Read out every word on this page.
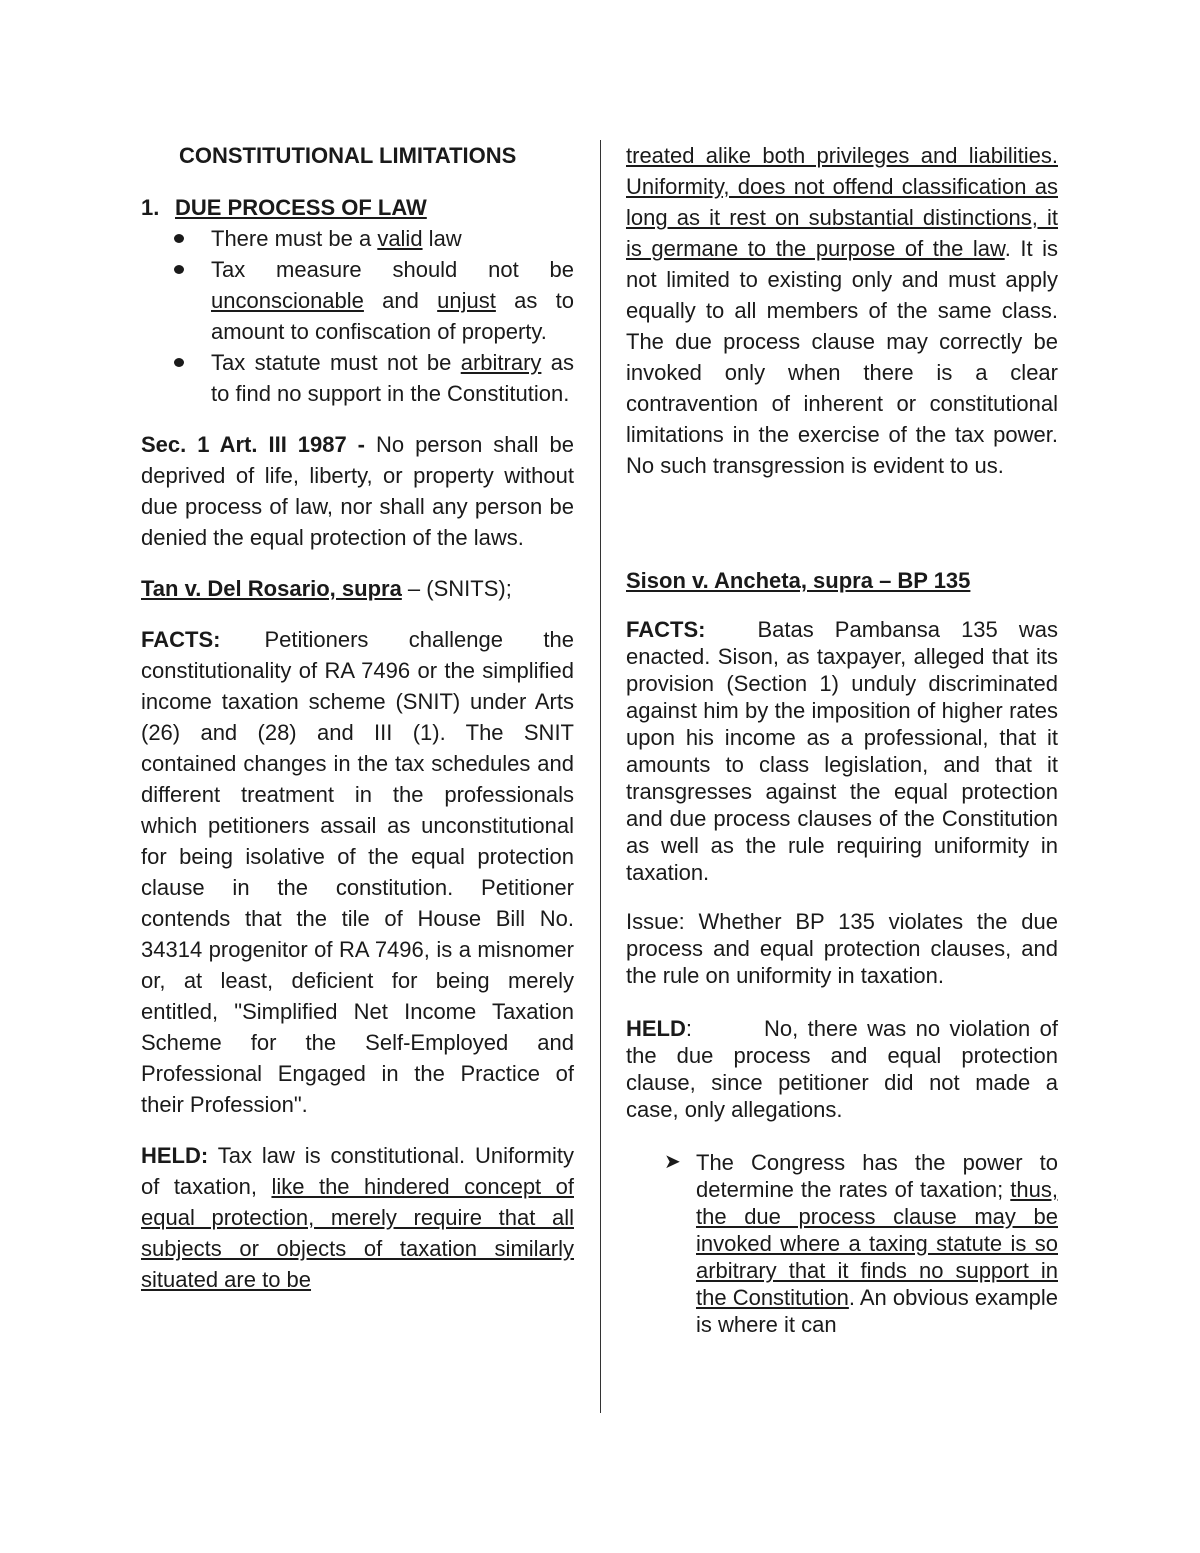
CONSTITUTIONAL LIMITATIONS

1. DUE PROCESS OF LAW

There must be a valid law
Tax measure should not be unconscionable and unjust as to amount to confiscation of property.
Tax statute must not be arbitrary as to find no support in the Constitution.

Sec. 1 Art. III 1987 - No person shall be deprived of life, liberty, or property without due process of law, nor shall any person be denied the equal protection of the laws.

Tan v. Del Rosario, supra – (SNITS);

FACTS: Petitioners challenge the constitutionality of RA 7496 or the simplified income taxation scheme (SNIT) under Arts (26) and (28) and III (1). The SNIT contained changes in the tax schedules and different treatment in the professionals which petitioners assail as unconstitutional for being isolative of the equal protection clause in the constitution. Petitioner contends that the tile of House Bill No. 34314 progenitor of RA 7496, is a misnomer or, at least, deficient for being merely entitled, "Simplified Net Income Taxation Scheme for the Self-Employed and Professional Engaged in the Practice of their Profession".

HELD: Tax law is constitutional. Uniformity of taxation, like the hindered concept of equal protection, merely require that all subjects or objects of taxation similarly situated are to be

treated alike both privileges and liabilities. Uniformity, does not offend classification as long as it rest on substantial distinctions, it is germane to the purpose of the law. It is not limited to existing only and must apply equally to all members of the same class. The due process clause may correctly be invoked only when there is a clear contravention of inherent or constitutional limitations in the exercise of the tax power. No such transgression is evident to us.

Sison v. Ancheta, supra – BP 135

FACTS: Batas Pambansa 135 was enacted. Sison, as taxpayer, alleged that its provision (Section 1) unduly discriminated against him by the imposition of higher rates upon his income as a professional, that it amounts to class legislation, and that it transgresses against the equal protection and due process clauses of the Constitution as well as the rule requiring uniformity in taxation.

Issue: Whether BP 135 violates the due process and equal protection clauses, and the rule on uniformity in taxation.

HELD:	No, there was no violation of the due process and equal protection clause, since petitioner did not made a case, only allegations.

➤ The Congress has the power to determine the rates of taxation; thus, the due process clause may be invoked where a taxing statute is so arbitrary that it finds no support in the Constitution. An obvious example is where it can
